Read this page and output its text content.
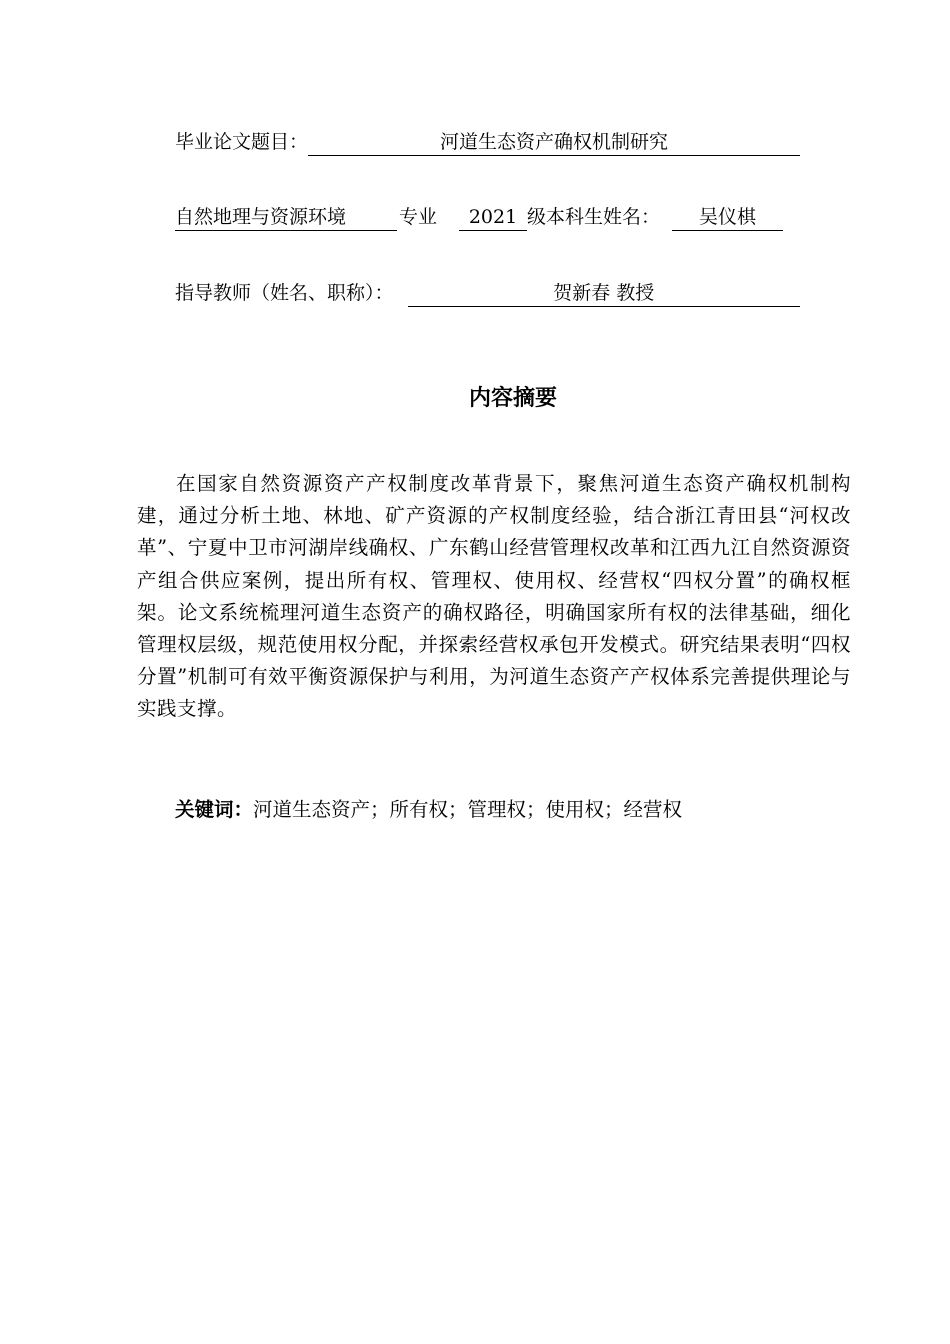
毕业论文题目：	河道生态资产确权机制研究
自然地理与资源环境	专业 2021 级本科生姓名： 吴仪棋
指导教师（姓名、职称）：	贺新春 教授
内容摘要
在国家自然资源资产产权制度改革背景下，聚焦河道生态资产确权机制构建，通过分析土地、林地、矿产资源的产权制度经验，结合浙江青田县“河权改革”、宁夏中卫市河湖岸线确权、广东鹤山经营管理权改革和江西九江自然资源资产组合供应案例，提出所有权、管理权、使用权、经营权“四权分置”的确权框架。论文系统梳理河道生态资产的确权路径，明确国家所有权的法律基础，细化管理权层级，规范使用权分配，并探索经营权承包开发模式。研究结果表明“四权分置”机制可有效平衡资源保护与利用，为河道生态资产产权体系完善提供理论与实践支撑。
关键词：河道生态资产；所有权；管理权；使用权；经营权
